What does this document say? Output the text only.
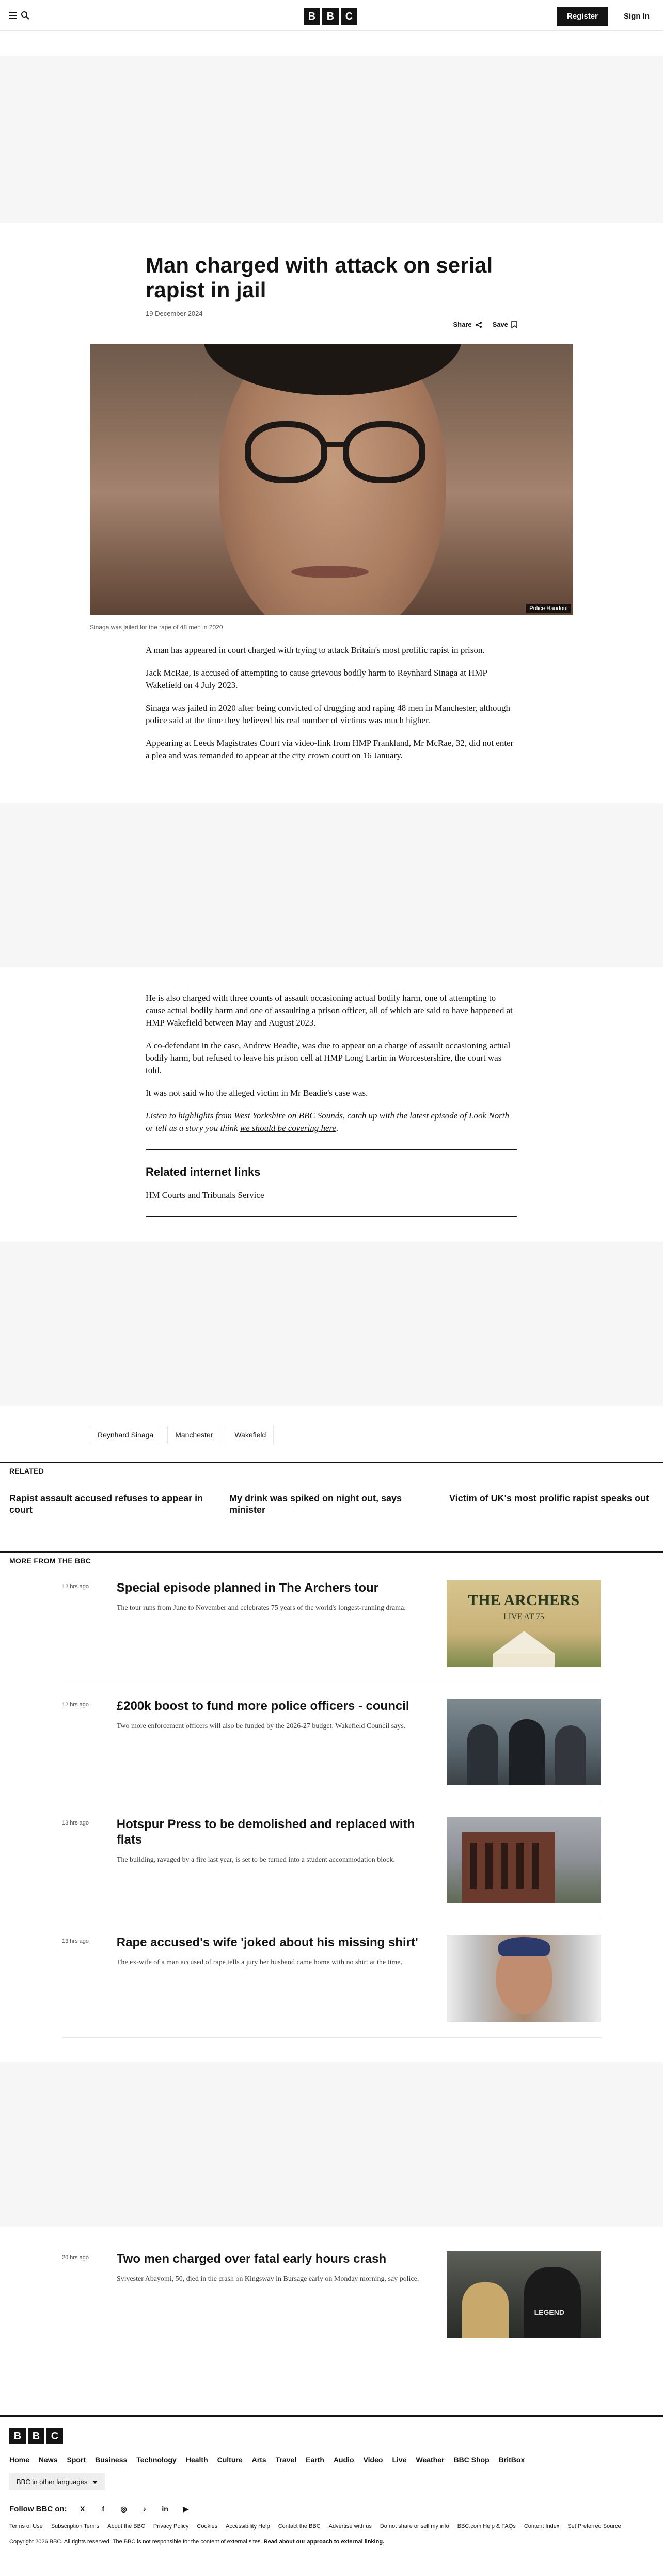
B	B	C	Register	Sign In
Man charged with attack on serial rapist in jail
19 December 2024
Share	Save
Police Handout
Sinaga was jailed for the rape of 48 men in 2020

A man has appeared in court charged with trying to attack Britain's most prolific rapist in prison.

Jack McRae, is accused of attempting to cause grievous bodily harm to Reynhard Sinaga at HMP Wakefield on 4 July 2023.

Sinaga was jailed in 2020 after being convicted of drugging and raping 48 men in Manchester, although police said at the time they believed his real number of victims was much higher.

Appearing at Leeds Magistrates Court via video-link from HMP Frankland, Mr McRae, 32, did not enter a plea and was remanded to appear at the city crown court on 16 January.

He is also charged with three counts of assault occasioning actual bodily harm, one of attempting to cause actual bodily harm and one of assaulting a prison officer, all of which are said to have happened at HMP Wakefield between May and August 2023.

A co-defendant in the case, Andrew Beadie, was due to appear on a charge of assault occasioning actual bodily harm, but refused to leave his prison cell at HMP Long Lartin in Worcestershire, the court was told.

It was not said who the alleged victim in Mr Beadie's case was.

Listen to highlights from West Yorkshire on BBC Sounds, catch up with the latest episode of Look North or tell us a story you think we should be covering here.

Related internet links
HM Courts and Tribunals Service
Reynhard Sinaga	Manchester	Wakefield
RELATED
Rapist assault accused refuses to appear in court
My drink was spiked on night out, says minister
Victim of UK's most prolific rapist speaks out
MORE FROM THE BBC
12 hrs ago	Special episode planned in The Archers tour
The tour runs from June to November and celebrates 75 years of the world's longest-running drama.	THE ARCHERS
LIVE AT 75
12 hrs ago	£200k boost to fund more police officers - council
Two more enforcement officers will also be funded by the 2026-27 budget, Wakefield Council says.
13 hrs ago	Hotspur Press to be demolished and replaced with flats
The building, ravaged by a fire last year, is set to be turned into a student accommodation block.
13 hrs ago	Rape accused's wife 'joked about his missing shirt'
The ex-wife of a man accused of rape tells a jury her husband came home with no shirt at the time.
20 hrs ago	Two men charged over fatal early hours crash
Sylvester Abayomi, 50, died in the crash on Kingsway in Bursage early on Monday morning, say police.
LEGEND
B	B	C
Home News Sport Business Technology Health Culture Arts Travel Earth Audio Video Live Weather BBC Shop BritBox
BBC in other languages
Follow BBC on:	X	f	◎	♪	in	▶
Terms of Use Subscription Terms About the BBC Privacy Policy Cookies Accessibility Help Contact the BBC Advertise with us Do not share or sell my info BBC.com Help & FAQs Content Index Set Preferred Source
Copyright 2026 BBC. All rights reserved. The BBC is not responsible for the content of external sites. Read about our approach to external linking.
